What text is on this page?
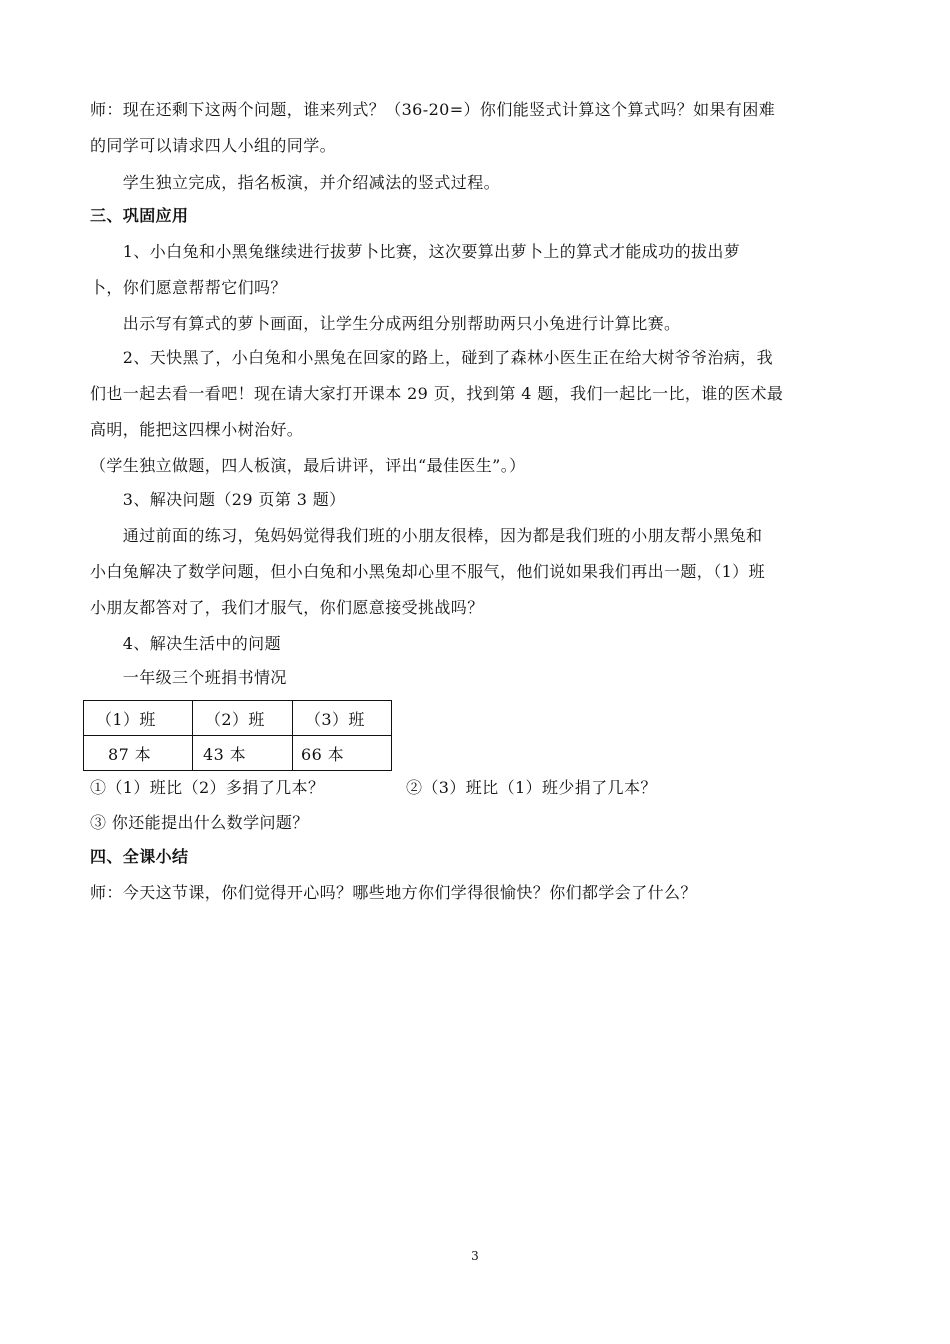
师：现在还剩下这两个问题，谁来列式？（36-20=）你们能竖式计算这个算式吗？如果有困难
的同学可以请求四人小组的同学。
　　学生独立完成，指名板演，并介绍减法的竖式过程。
三、巩固应用
　　1、小白兔和小黑兔继续进行拔萝卜比赛，这次要算出萝卜上的算式才能成功的拔出萝
卜，你们愿意帮帮它们吗？
　　出示写有算式的萝卜画面，让学生分成两组分别帮助两只小兔进行计算比赛。
　　2、天快黑了，小白兔和小黑兔在回家的路上，碰到了森林小医生正在给大树爷爷治病，我
们也一起去看一看吧！现在请大家打开课本 29 页，找到第 4 题，我们一起比一比，谁的医术最
高明，能把这四棵小树治好。
（学生独立做题，四人板演，最后讲评，评出“最佳医生”。）
　　3、解决问题（29 页第 3 题）
　　通过前面的练习，兔妈妈觉得我们班的小朋友很棒，因为都是我们班的小朋友帮小黑兔和
小白兔解决了数学问题，但小白兔和小黑兔却心里不服气，他们说如果我们再出一题，（1）班
小朋友都答对了，我们才服气，你们愿意接受挑战吗？
　　4、解决生活中的问题
　　一年级三个班捐书情况
（1）班	（2）班	（3）班
87 本	43 本	66 本
①（1）班比（2）多捐了几本？	②（3）班比（1）班少捐了几本？
③ 你还能提出什么数学问题？
四、全课小结
师：今天这节课，你们觉得开心吗？哪些地方你们学得很愉快？你们都学会了什么？
3
